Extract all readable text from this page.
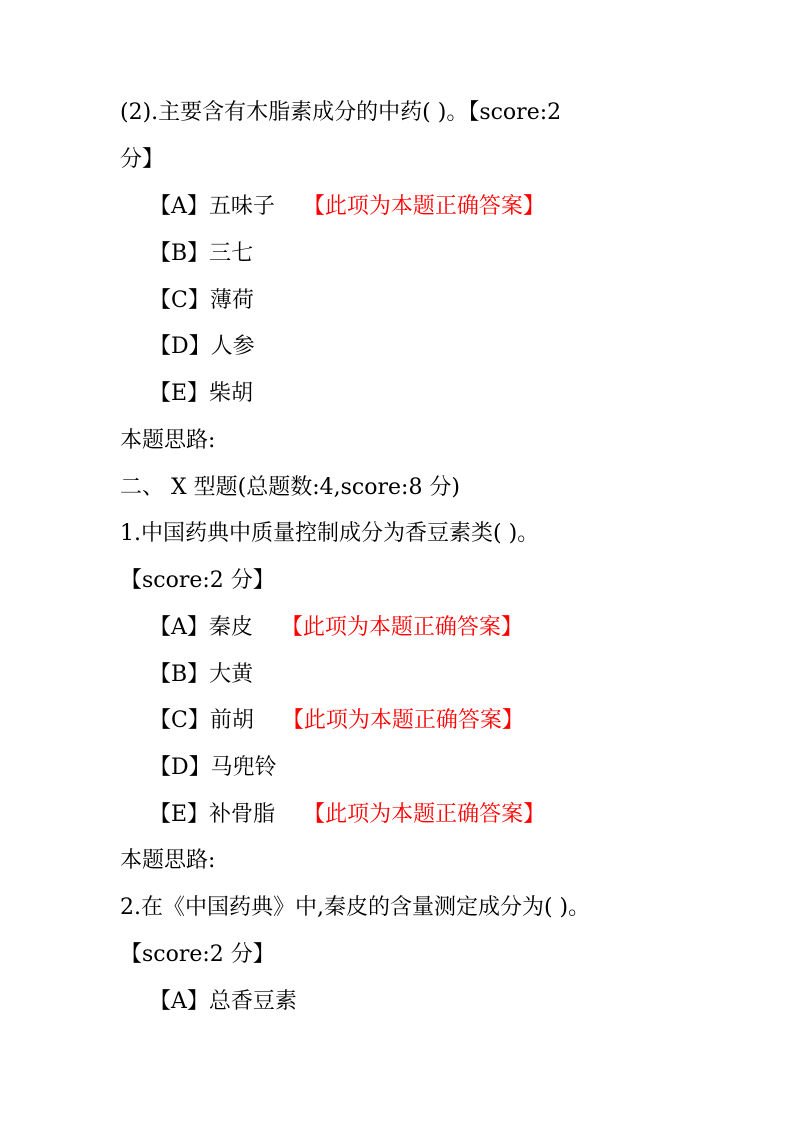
(2).主要含有木脂素成分的中药( )。【score:2
分】
【A】五味子 【此项为本题正确答案】
【B】三七
【C】薄荷
【D】人参
【E】柴胡
本题思路:
二、 X 型题(总题数:4,score:8 分)
1.中国药典中质量控制成分为香豆素类( )。
【score:2 分】
【A】秦皮 【此项为本题正确答案】
【B】大黄
【C】前胡 【此项为本题正确答案】
【D】马兜铃
【E】补骨脂 【此项为本题正确答案】
本题思路:
2.在《中国药典》中,秦皮的含量测定成分为( )。
【score:2 分】
【A】总香豆素
